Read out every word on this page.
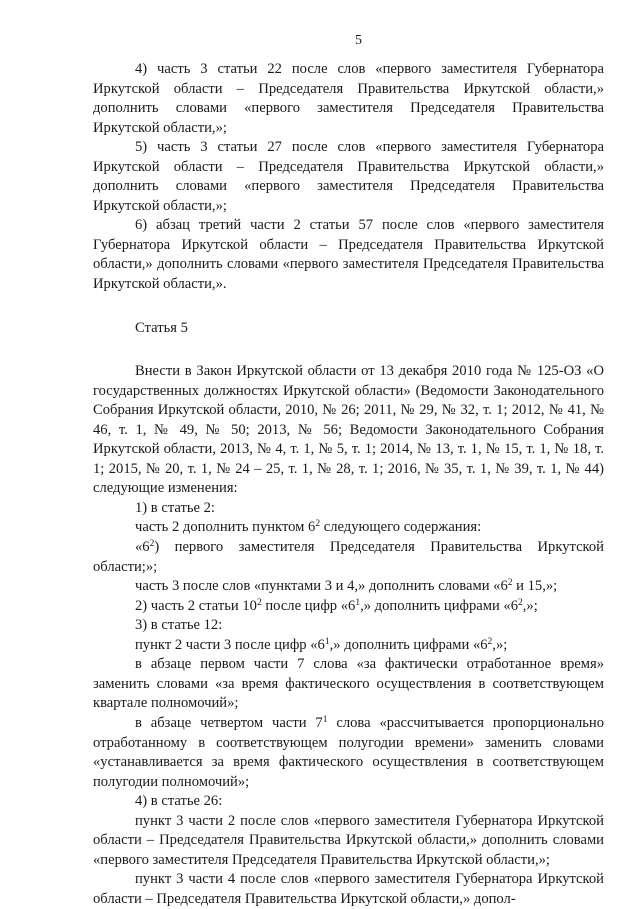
5

4) часть 3 статьи 22 после слов «первого заместителя Губернатора Иркутской области – Председателя Правительства Иркутской области,» дополнить словами «первого заместителя Председателя Правительства Иркутской области,»;

5) часть 3 статьи 27 после слов «первого заместителя Губернатора Иркутской области – Председателя Правительства Иркутской области,» дополнить словами «первого заместителя Председателя Правительства Иркутской области,»;

6) абзац третий части 2 статьи 57 после слов «первого заместителя Губернатора Иркутской области – Председателя Правительства Иркутской области,» дополнить словами «первого заместителя Председателя Правительства Иркутской области,».

Статья 5

Внести в Закон Иркутской области от 13 декабря 2010 года № 125-ОЗ «О государственных должностях Иркутской области» (Ведомости Законодательного Собрания Иркутской области, 2010, № 26; 2011, № 29, № 32, т. 1; 2012, № 41, № 46, т. 1, № 49, № 50; 2013, № 56; Ведомости Законодательного Собрания Иркутской области, 2013, № 4, т. 1, № 5, т. 1; 2014, № 13, т. 1, № 15, т. 1, № 18, т. 1; 2015, № 20, т. 1, № 24 – 25, т. 1, № 28, т. 1; 2016, № 35, т. 1, № 39, т. 1, № 44) следующие изменения:

1) в статье 2:

часть 2 дополнить пунктом $6^2$ следующего содержания:

«$6^2$) первого заместителя Председателя Правительства Иркутской области;»;

часть 3 после слов «пунктами 3 и 4,» дополнить словами «$6^2$ и 15,»;

2) часть 2 статьи $10^2$ после цифр «$6^1$,» дополнить цифрами «$6^2$,»;

3) в статье 12:

пункт 2 части 3 после цифр «$6^1$,» дополнить цифрами «$6^2$,»;

в абзаце первом части 7 слова «за фактически отработанное время» заменить словами «за время фактического осуществления в соответствующем квартале полномочий»;

в абзаце четвертом части $7^1$ слова «рассчитывается пропорционально отработанному в соответствующем полугодии времени» заменить словами «устанавливается за время фактического осуществления в соответствующем полугодии полномочий»;

4) в статье 26:

пункт 3 части 2 после слов «первого заместителя Губернатора Иркутской области – Председателя Правительства Иркутской области,» дополнить словами «первого заместителя Председателя Правительства Иркутской области,»;

пункт 3 части 4 после слов «первого заместителя Губернатора Иркутской области – Председателя Правительства Иркутской области,» допол-
